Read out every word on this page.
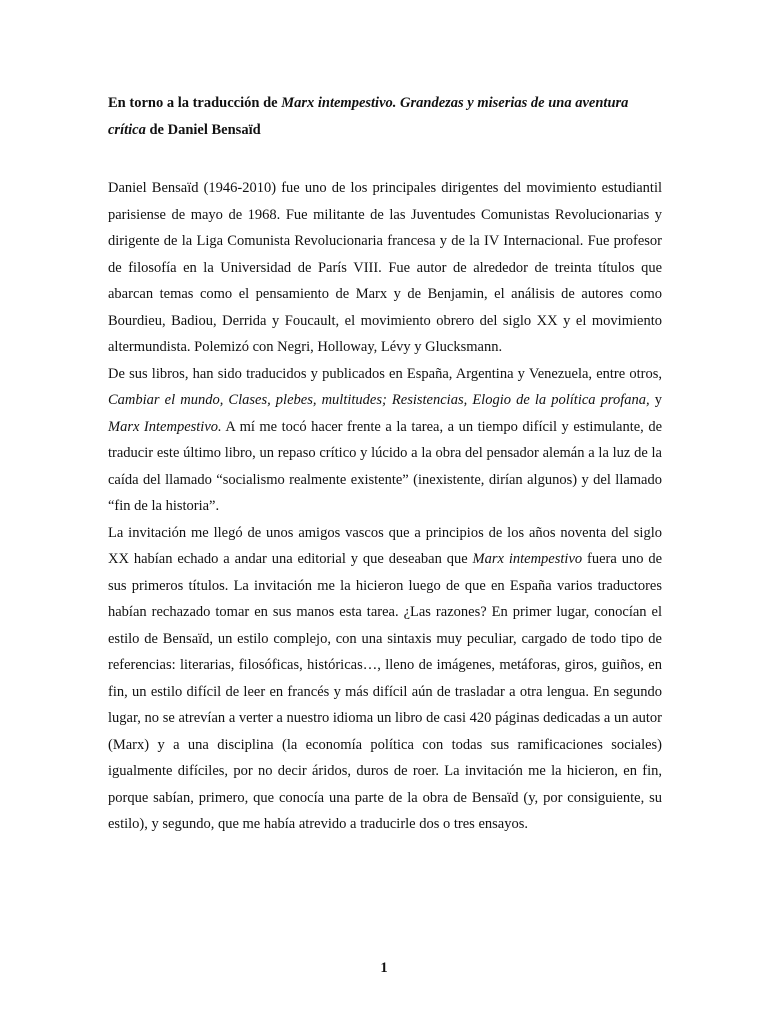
En torno a la traducción de Marx intempestivo. Grandezas y miserias de una aventura crítica de Daniel Bensaïd

Daniel Bensaïd (1946-2010) fue uno de los principales dirigentes del movimiento estudiantil parisiense de mayo de 1968. Fue militante de las Juventudes Comunistas Revolucionarias y dirigente de la Liga Comunista Revolucionaria francesa y de la IV Internacional. Fue profesor de filosofía en la Universidad de París VIII. Fue autor de alrededor de treinta títulos que abarcan temas como el pensamiento de Marx y de Benjamin, el análisis de autores como Bourdieu, Badiou, Derrida y Foucault, el movimiento obrero del siglo XX y el movimiento altermundista. Polemizó con Negri, Holloway, Lévy y Glucksmann.

De sus libros, han sido traducidos y publicados en España, Argentina y Venezuela, entre otros, Cambiar el mundo, Clases, plebes, multitudes; Resistencias, Elogio de la política profana, y Marx Intempestivo. A mí me tocó hacer frente a la tarea, a un tiempo difícil y estimulante, de traducir este último libro, un repaso crítico y lúcido a la obra del pensador alemán a la luz de la caída del llamado “socialismo realmente existente” (inexistente, dirían algunos) y del llamado “fin de la historia”.

La invitación me llegó de unos amigos vascos que a principios de los años noventa del siglo XX habían echado a andar una editorial y que deseaban que Marx intempestivo fuera uno de sus primeros títulos. La invitación me la hicieron luego de que en España varios traductores habían rechazado tomar en sus manos esta tarea. ¿Las razones? En primer lugar, conocían el estilo de Bensaïd, un estilo complejo, con una sintaxis muy peculiar, cargado de todo tipo de referencias: literarias, filosóficas, históricas…, lleno de imágenes, metáforas, giros, guiños, en fin, un estilo difícil de leer en francés y más difícil aún de trasladar a otra lengua. En segundo lugar, no se atrevían a verter a nuestro idioma un libro de casi 420 páginas dedicadas a un autor (Marx) y a una disciplina (la economía política con todas sus ramificaciones sociales) igualmente difíciles, por no decir áridos, duros de roer. La invitación me la hicieron, en fin, porque sabían, primero, que conocía una parte de la obra de Bensaïd (y, por consiguiente, su estilo), y segundo, que me había atrevido a traducirle dos o tres ensayos.

1
